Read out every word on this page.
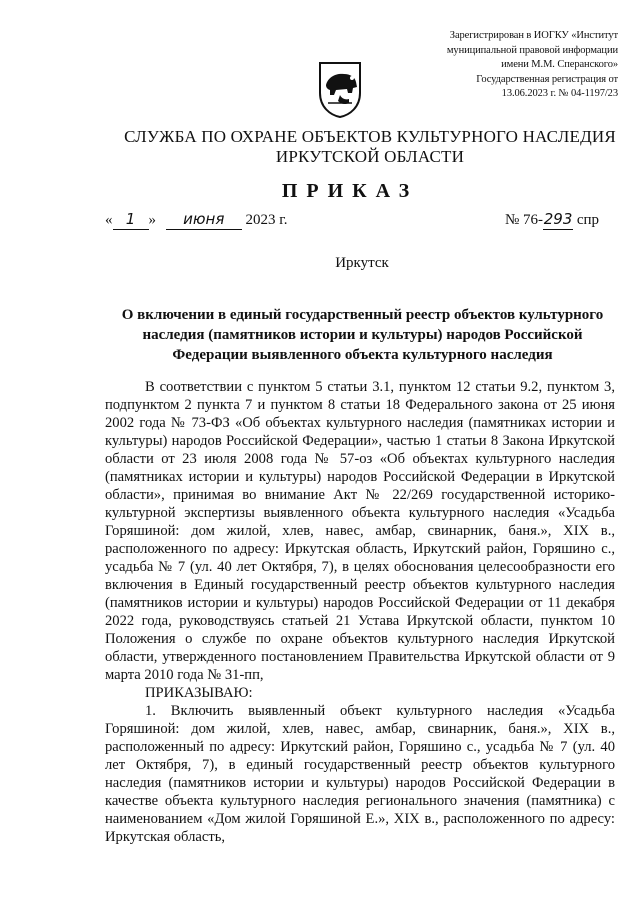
Зарегистрирован в ИОГКУ «Институт
муниципальной правовой информации
имени М.М. Сперанского»
Государственная регистрация от
13.06.2023 г. № 04-1197/23
СЛУЖБА ПО ОХРАНЕ ОБЪЕКТОВ КУЛЬТУРНОГО НАСЛЕДИЯ
ИРКУТСКОЙ ОБЛАСТИ
ПРИКАЗ
« 1 » июня 2023 г.	№ 76-293 спр
Иркутск
О включении в единый государственный реестр объектов культурного наследия (памятников истории и культуры) народов Российской Федерации выявленного объекта культурного наследия

В соответствии с пунктом 5 статьи 3.1, пунктом 12 статьи 9.2, пунктом 3, подпунктом 2 пункта 7 и пунктом 8 статьи 18 Федерального закона от 25 июня 2002 года № 73-ФЗ «Об объектах культурного наследия (памятниках истории и культуры) народов Российской Федерации», частью 1 статьи 8 Закона Иркутской области от 23 июля 2008 года № 57-оз «Об объектах культурного наследия (памятниках истории и культуры) народов Российской Федерации в Иркутской области», принимая во внимание Акт № 22/269 государственной историко-культурной экспертизы выявленного объекта культурного наследия «Усадьба Горяшиной: дом жилой, хлев, навес, амбар, свинарник, баня.», XIX в., расположенного по адресу: Иркутская область, Иркутский район, Горяшино с., усадьба № 7 (ул. 40 лет Октября, 7), в целях обоснования целесообразности его включения в Единый государственный реестр объектов культурного наследия (памятников истории и культуры) народов Российской Федерации от 11 декабря 2022 года, руководствуясь статьей 21 Устава Иркутской области, пунктом 10 Положения о службе по охране объектов культурного наследия Иркутской области, утвержденного постановлением Правительства Иркутской области от 9 марта 2010 года № 31-пп,

ПРИКАЗЫВАЮ:

1. Включить выявленный объект культурного наследия «Усадьба Горяшиной: дом жилой, хлев, навес, амбар, свинарник, баня.», XIX в., расположенный по адресу: Иркутский район, Горяшино с., усадьба № 7 (ул. 40 лет Октября, 7), в единый государственный реестр объектов культурного наследия (памятников истории и культуры) народов Российской Федерации в качестве объекта культурного наследия регионального значения (памятника) с наименованием «Дом жилой Горяшиной Е.», XIX в., расположенного по адресу: Иркутская область,
